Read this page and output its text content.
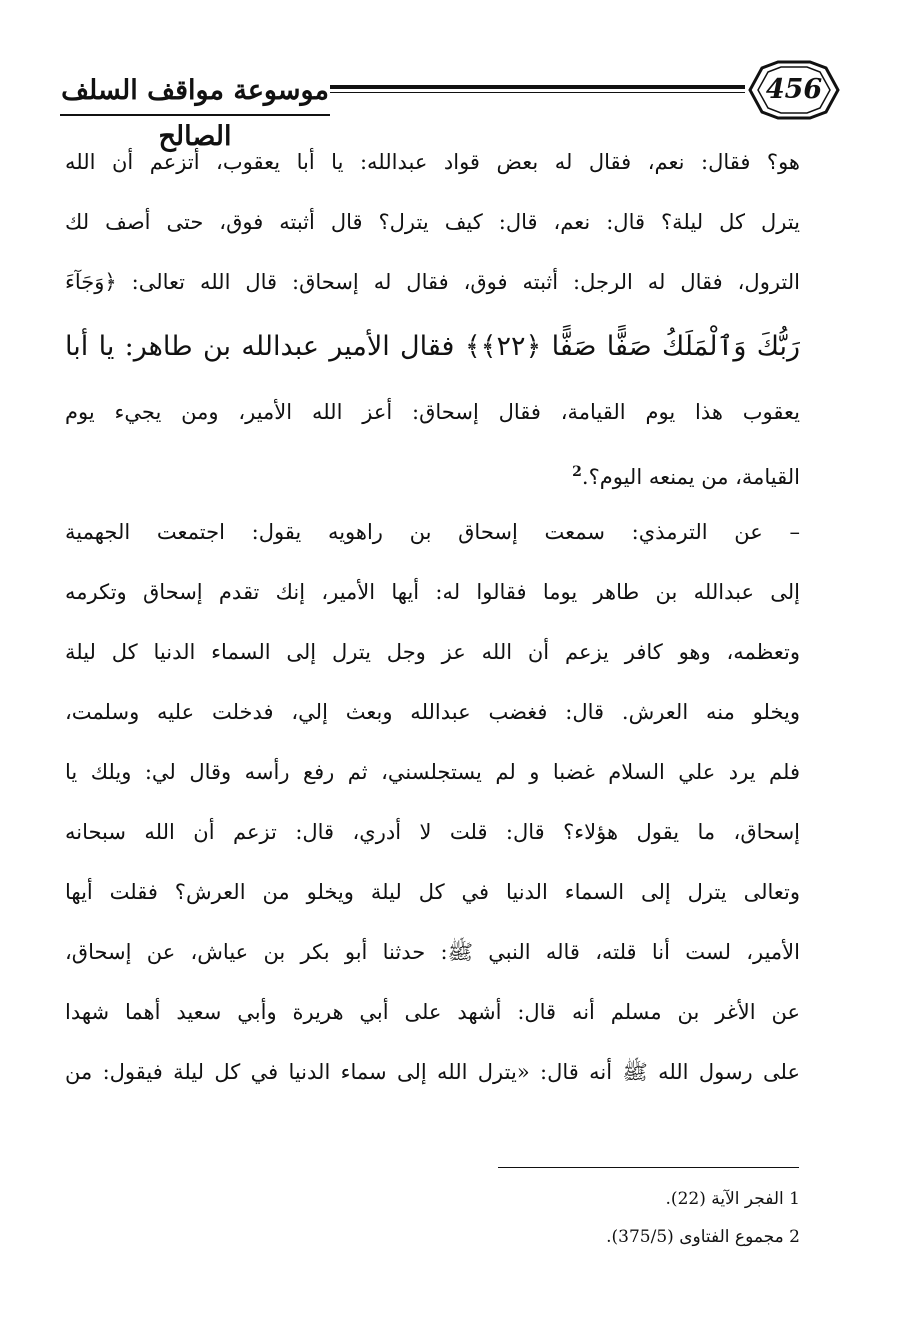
موسوعة مواقف السلف الصالح
456
هو؟ فقال: نعم، فقال له بعض قواد عبدالله: يا أبا يعقوب، أتزعم أن الله
يترل كل ليلة؟ قال: نعم، قال: كيف يترل؟ قال أثبته فوق، حتى أصف لك
الترول، فقال له الرجل: أثبته فوق، فقال له إسحاق: قال الله تعالى: ﴿وَجَآءَ
رَبُّكَ وَٱلْمَلَكُ صَفًّا صَفًّا ﴿٢٢﴾﴾ فقال الأمير عبدالله بن طاهر: يا أبا
يعقوب هذا يوم القيامة، فقال إسحاق: أعز الله الأمير، ومن يجيء يوم
القيامة، من يمنعه اليوم؟.$^2$
– عن الترمذي: سمعت إسحاق بن راهويه يقول: اجتمعت الجهمية
إلى عبدالله بن طاهر يوما فقالوا له: أيها الأمير، إنك تقدم إسحاق وتكرمه
وتعظمه، وهو كافر يزعم أن الله عز وجل يترل إلى السماء الدنيا كل ليلة
ويخلو منه العرش. قال: فغضب عبدالله وبعث إلي، فدخلت عليه وسلمت،
فلم يرد علي السلام غضبا و لم يستجلسني، ثم رفع رأسه وقال لي: ويلك يا
إسحاق، ما يقول هؤلاء؟ قال: قلت لا أدري، قال: تزعم أن الله سبحانه
وتعالى يترل إلى السماء الدنيا في كل ليلة ويخلو من العرش؟ فقلت أيها
الأمير، لست أنا قلته، قاله النبي ﷺ: حدثنا أبو بكر بن عياش، عن إسحاق،
عن الأغر بن مسلم أنه قال: أشهد على أبي هريرة وأبي سعيد أهما شهدا
على رسول الله ﷺ أنه قال: «يترل الله إلى سماء الدنيا في كل ليلة فيقول: من
1 الفجر الآية (22).
2 مجموع الفتاوى (375/5).
